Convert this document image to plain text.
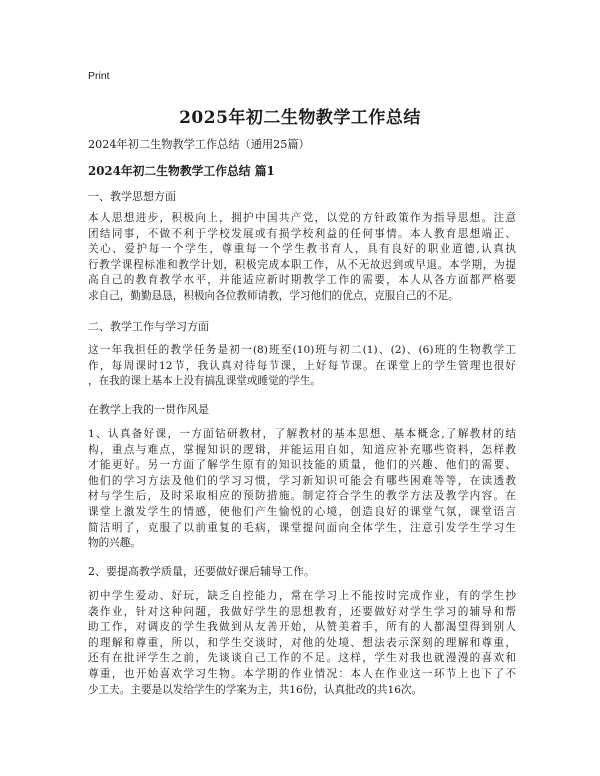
Print
2025年初二生物教学工作总结
2024年初二生物教学工作总结（通用25篇）
2024年初二生物教学工作总结 篇1
一、教学思想方面
本人思想进步，积极向上，拥护中国共产党，以党的方针政策作为指导思想。注意
团结同事，不做不利于学校发展或有损学校利益的任何事情。本人教育思想端正、
关心、爱护每一个学生，尊重每一个学生教书育人，具有良好的职业道德,认真执
行教学课程标准和教学计划，积极完成本职工作，从不无故迟到或早退。本学期，为提
高自己的教育教学水平，并能适应新时期教学工作的需要，本人从各方面都严格要
求自己，勤勤恳恳，积极向各位教师请教，学习他们的优点，克服自己的不足。
二、教学工作与学习方面
这一年我担任的教学任务是初一(8)班至(10)班与初二(1)、(2)、(6)班的生物教学工
作，每周课时12节，我认真对待每节课，上好每节课。在课堂上的学生管理也很好
，在我的课上基本上没有搞乱课堂或睡觉的学生。
在教学上我的一贯作风是
1、认真备好课，一方面钻研教材，了解教材的基本思想、基本概念,了解教材的结
构，重点与难点，掌握知识的逻辑，并能运用自如，知道应补充哪些资料，怎样教
才能更好。另一方面了解学生原有的知识技能的质量，他们的兴趣、他们的需要、
他们的学习方法及他们的学习习惯，学习新知识可能会有哪些困难等等，在读透教
材与学生后，及时采取相应的预防措施。制定符合学生的教学方法及教学内容。在
课堂上激发学生的情感，使他们产生愉悦的心境，创造良好的课堂气氛，课堂语言
简洁明了，克服了以前重复的毛病，课堂提问面向全体学生，注意引发学生学习生
物的兴趣。
2、要提高教学质量，还要做好课后辅导工作。
初中学生爱动、好玩，缺乏自控能力，常在学习上不能按时完成作业，有的学生抄
袭作业，针对这种问题，我做好学生的思想教育，还要做好对学生学习的辅导和帮
助工作，对调皮的学生我做到从友善开始，从赞美着手，所有的人都渴望得到别人
的理解和尊重，所以，和学生交谈时，对他的处境、想法表示深刻的理解和尊重，
还有在批评学生之前，先谈谈自己工作的不足。这样，学生对我也就漫漫的喜欢和
尊重，也开始喜欢学习生物。本学期的作业情况：本人在作业这一环节上也下了不
少工夫。主要是以发给学生的学案为主，共16份，认真批改的共16次。
